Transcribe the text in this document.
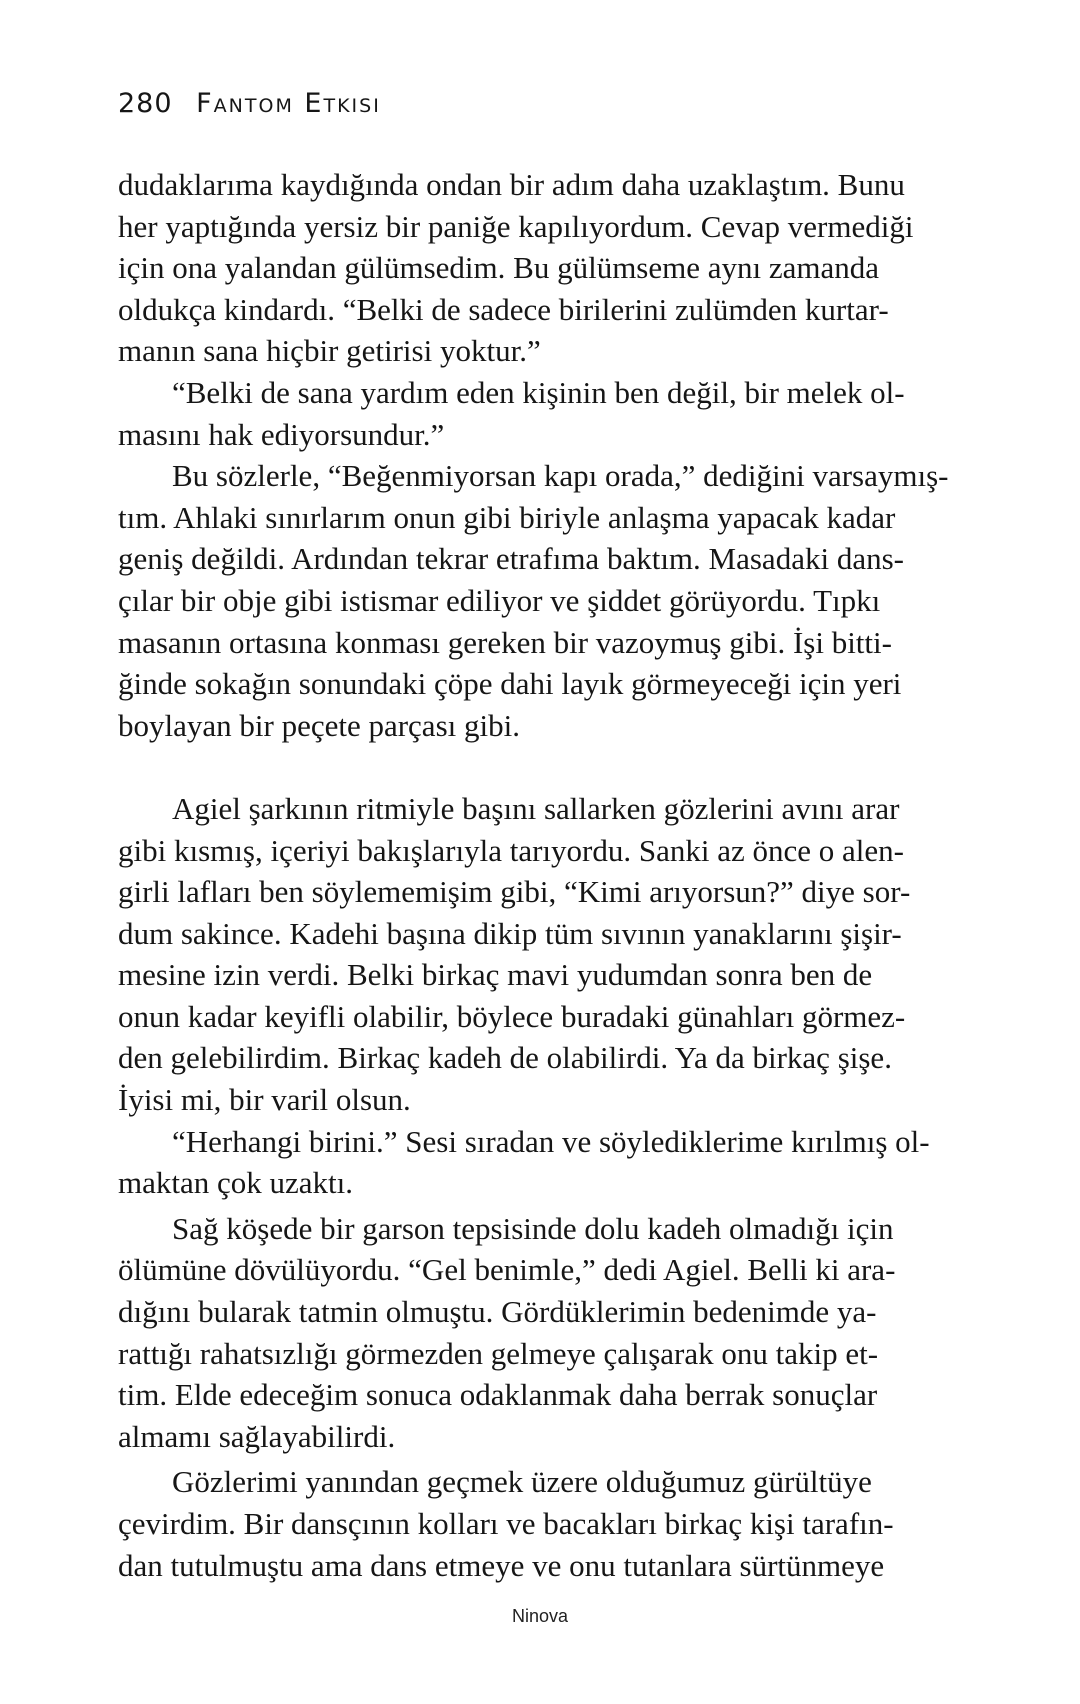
280 Fantom Etkisi
dudaklarıma kaydığında ondan bir adım daha uzaklaştım. Bunu
her yaptığında yersiz bir paniğe kapılıyordum. Cevap vermediği
için ona yalandan gülümsedim. Bu gülümseme aynı zamanda
oldukça kindardı. “Belki de sadece birilerini zulümden kurtar-
manın sana hiçbir getirisi yoktur.”
“Belki de sana yardım eden kişinin ben değil, bir melek ol-
masını hak ediyorsundur.”
Bu sözlerle, “Beğenmiyorsan kapı orada,” dediğini varsaymış-
tım. Ahlaki sınırlarım onun gibi biriyle anlaşma yapacak kadar
geniş değildi. Ardından tekrar etrafıma baktım. Masadaki dans-
çılar bir obje gibi istismar ediliyor ve şiddet görüyordu. Tıpkı
masanın ortasına konması gereken bir vazoymuş gibi. İşi bitti-
ğinde sokağın sonundaki çöpe dahi layık görmeyeceği için yeri
boylayan bir peçete parçası gibi.
Agiel şarkının ritmiyle başını sallarken gözlerini avını arar
gibi kısmış, içeriyi bakışlarıyla tarıyordu. Sanki az önce o alen-
girli lafları ben söylememişim gibi, “Kimi arıyorsun?” diye sor-
dum sakince. Kadehi başına dikip tüm sıvının yanaklarını şişir-
mesine izin verdi. Belki birkaç mavi yudumdan sonra ben de
onun kadar keyifli olabilir, böylece buradaki günahları görmez-
den gelebilirdim. Birkaç kadeh de olabilirdi. Ya da birkaç şişe.
İyisi mi, bir varil olsun.
“Herhangi birini.” Sesi sıradan ve söylediklerime kırılmış ol-
maktan çok uzaktı.
Sağ köşede bir garson tepsisinde dolu kadeh olmadığı için
ölümüne dövülüyordu. “Gel benimle,” dedi Agiel. Belli ki ara-
dığını bularak tatmin olmuştu. Gördüklerimin bedenimde ya-
rattığı rahatsızlığı görmezden gelmeye çalışarak onu takip et-
tim. Elde edeceğim sonuca odaklanmak daha berrak sonuçlar
almamı sağlayabilirdi.
Gözlerimi yanından geçmek üzere olduğumuz gürültüye
çevirdim. Bir dansçının kolları ve bacakları birkaç kişi tarafın-
dan tutulmuştu ama dans etmeye ve onu tutanlara sürtünmeye
Ninova
